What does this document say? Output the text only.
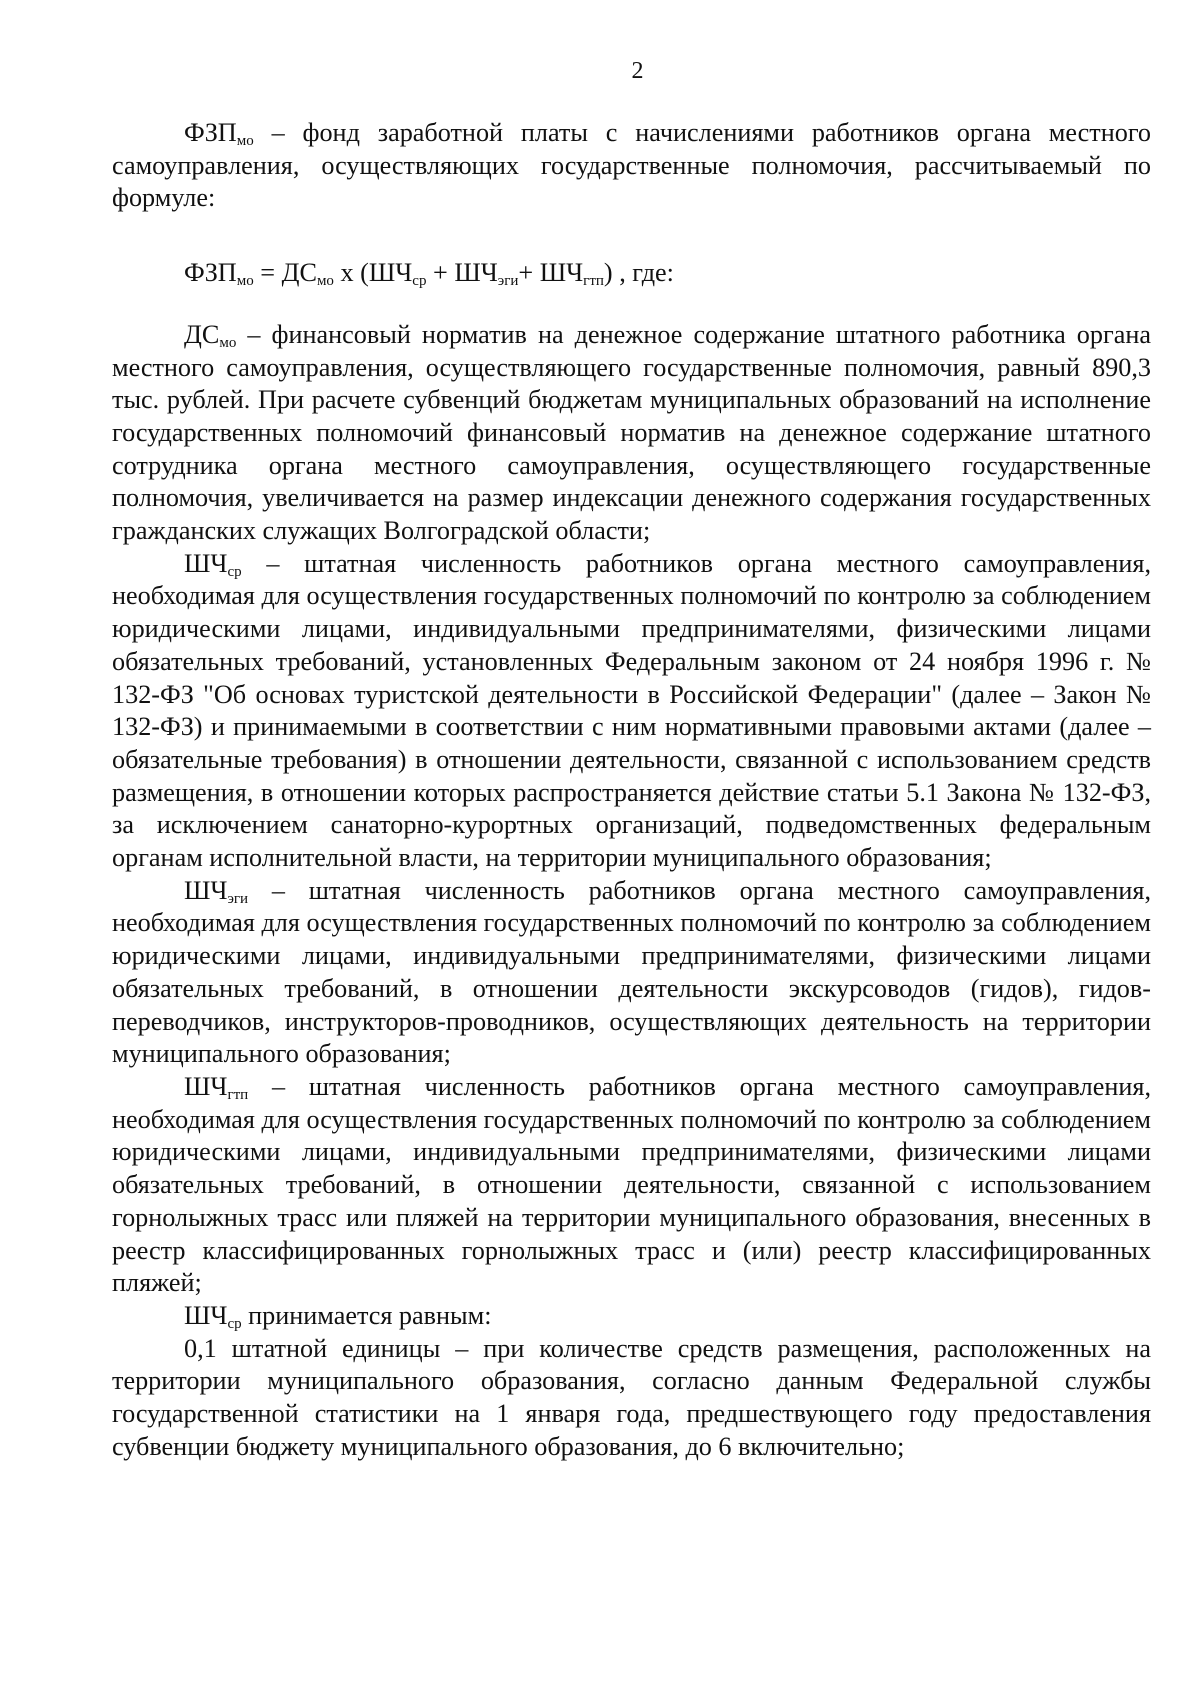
2

$ФЗП_{мо}$ – фонд заработной платы с начислениями работников органа местного самоуправления, осуществляющих государственные полномочия, рассчитываемый по формуле:

$ФЗП_{мо} = ДС_{мо}$ х $(ШЧ_{ср} + ШЧ_{эги}+ ШЧ_{гтп})$ , где:

$ДС_{мо}$ – финансовый норматив на денежное содержание штатного работника органа местного самоуправления, осуществляющего государственные полномочия, равный 890,3 тыс. рублей. При расчете субвенций бюджетам муниципальных образований на исполнение государственных полномочий финансовый норматив на денежное содержание штатного сотрудника органа местного самоуправления, осуществляющего государственные полномочия, увеличивается на размер индексации денежного содержания государственных гражданских служащих Волгоградской области;

$ШЧ_{ср}$ – штатная численность работников органа местного самоуправления, необходимая для осуществления государственных полномочий по контролю за соблюдением юридическими лицами, индивидуальными предпринимателями, физическими лицами обязательных требований, установленных Федеральным законом от 24 ноября 1996 г. № 132-ФЗ "Об основах туристской деятельности в Российской Федерации" (далее – Закон № 132-ФЗ) и принимаемыми в соответствии с ним нормативными правовыми актами (далее – обязательные требования) в отношении деятельности, связанной с использованием средств размещения, в отношении которых распространяется действие статьи 5.1 Закона № 132-ФЗ, за исключением санаторно-курортных организаций, подведомственных федеральным органам исполнительной власти, на территории муниципального образования;

$ШЧ_{эги}$ – штатная численность работников органа местного самоуправления, необходимая для осуществления государственных полномочий по контролю за соблюдением юридическими лицами, индивидуальными предпринимателями, физическими лицами обязательных требований, в отношении деятельности экскурсоводов (гидов), гидов-переводчиков, инструкторов-проводников, осуществляющих деятельность на территории муниципального образования;

$ШЧ_{гтп}$ – штатная численность работников органа местного самоуправления, необходимая для осуществления государственных полномочий по контролю за соблюдением юридическими лицами, индивидуальными предпринимателями, физическими лицами обязательных требований, в отношении деятельности, связанной с использованием горнолыжных трасс или пляжей на территории муниципального образования, внесенных в реестр классифицированных горнолыжных трасс и (или) реестр классифицированных пляжей;

$ШЧ_{ср}$ принимается равным:

0,1 штатной единицы – при количестве средств размещения, расположенных на территории муниципального образования, согласно данным Федеральной службы государственной статистики на 1 января года, предшествующего году предоставления субвенции бюджету муниципального образования, до 6 включительно;
